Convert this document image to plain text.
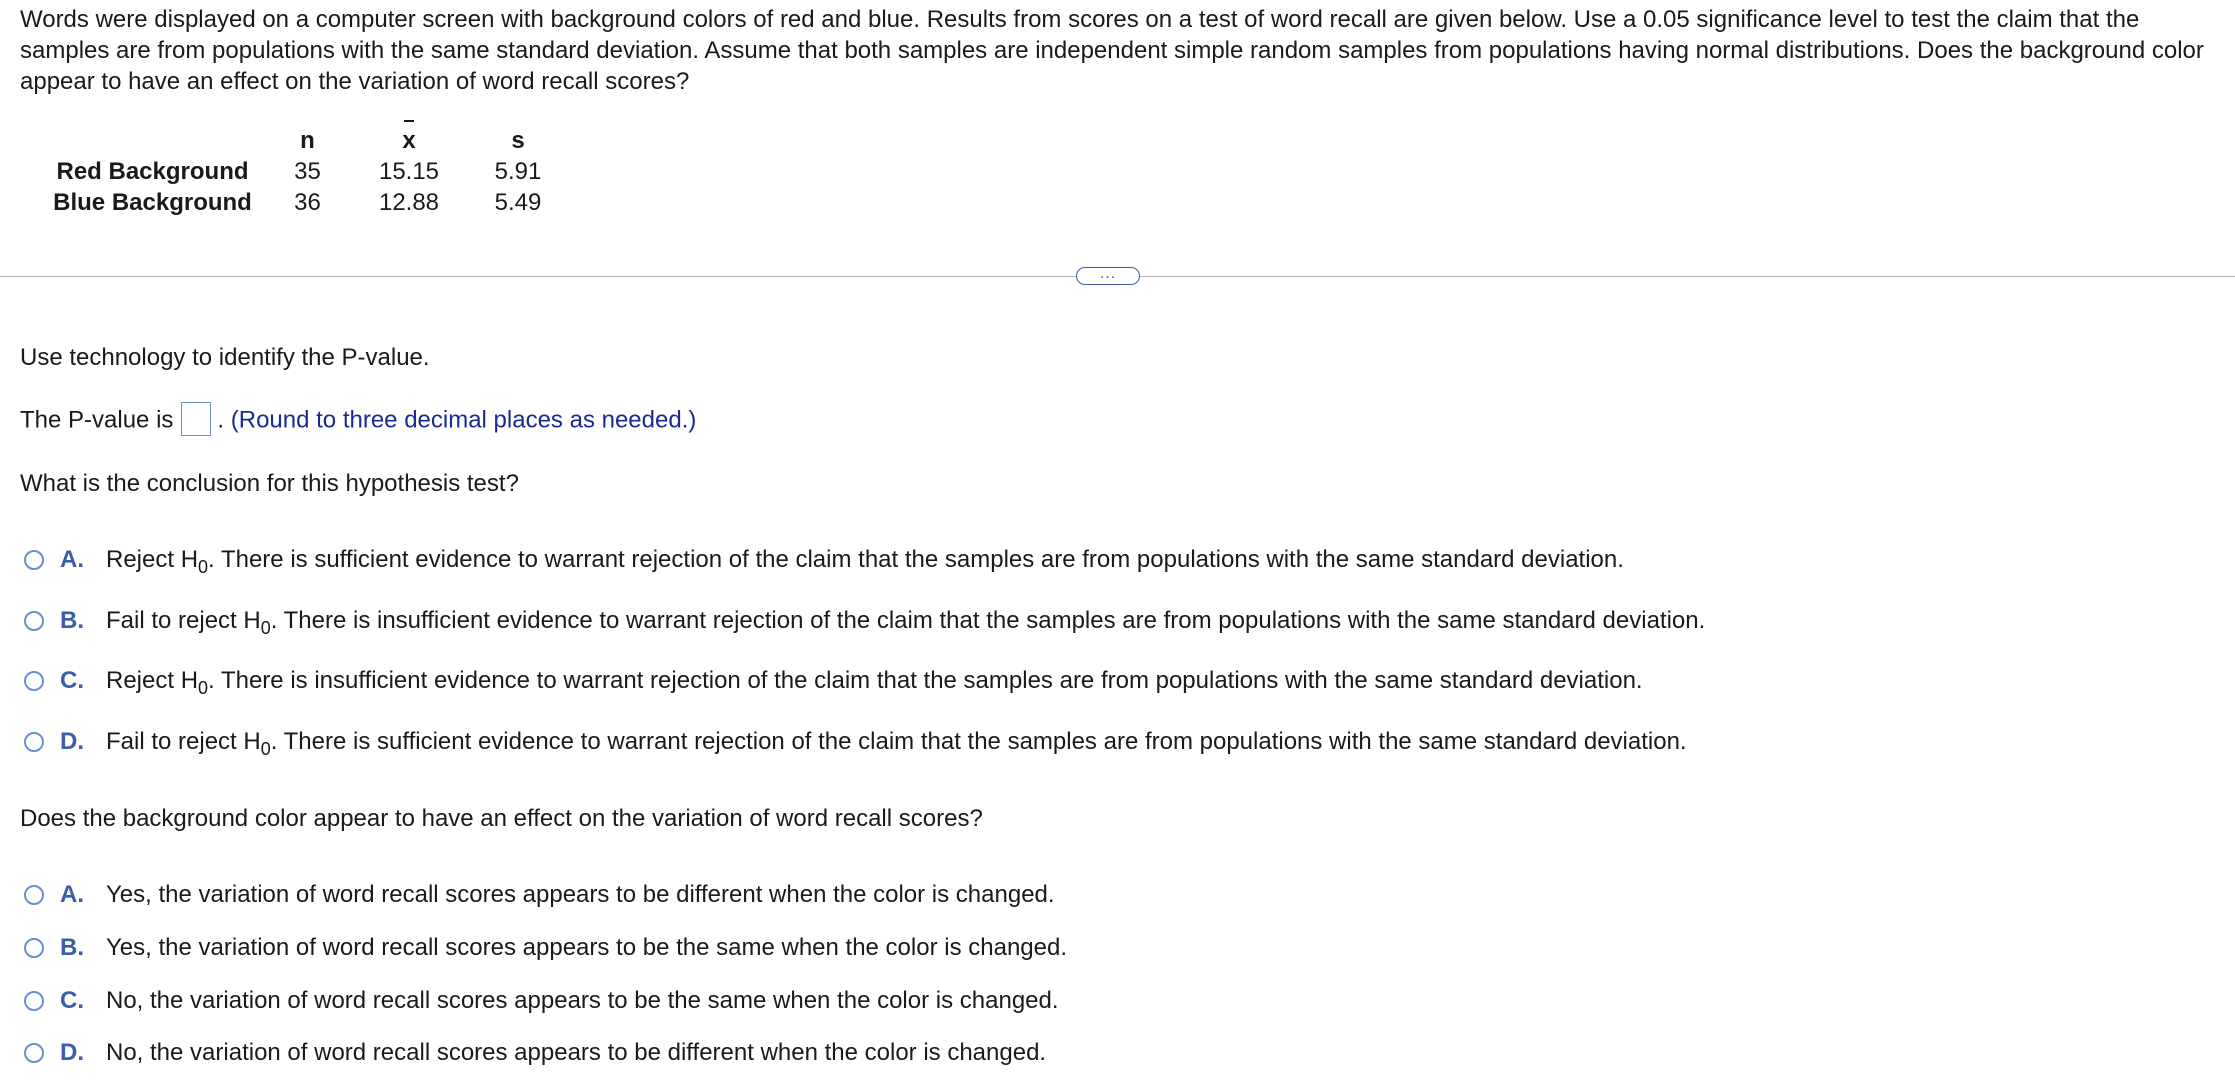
Words were displayed on a computer screen with background colors of red and blue. Results from scores on a test of word recall are given below. Use a 0.05 significance level to test the claim that the samples are from populations with the same standard deviation. Assume that both samples are independent simple random samples from populations having normal distributions. Does the background color appear to have an effect on the variation of word recall scores?

	n	x	s
Red Background	35	15.15	5.91
Blue Background	36	12.88	5.49
...

Use technology to identify the P-value.

The P-value is . (Round to three decimal places as needed.)

What is the conclusion for this hypothesis test?

A. Reject $H_0$. There is sufficient evidence to warrant rejection of the claim that the samples are from populations with the same standard deviation.
B. Fail to reject $H_0$. There is insufficient evidence to warrant rejection of the claim that the samples are from populations with the same standard deviation.
C. Reject $H_0$. There is insufficient evidence to warrant rejection of the claim that the samples are from populations with the same standard deviation.
D. Fail to reject $H_0$. There is sufficient evidence to warrant rejection of the claim that the samples are from populations with the same standard deviation.

Does the background color appear to have an effect on the variation of word recall scores?

A. Yes, the variation of word recall scores appears to be different when the color is changed.
B. Yes, the variation of word recall scores appears to be the same when the color is changed.
C. No, the variation of word recall scores appears to be the same when the color is changed.
D. No, the variation of word recall scores appears to be different when the color is changed.
